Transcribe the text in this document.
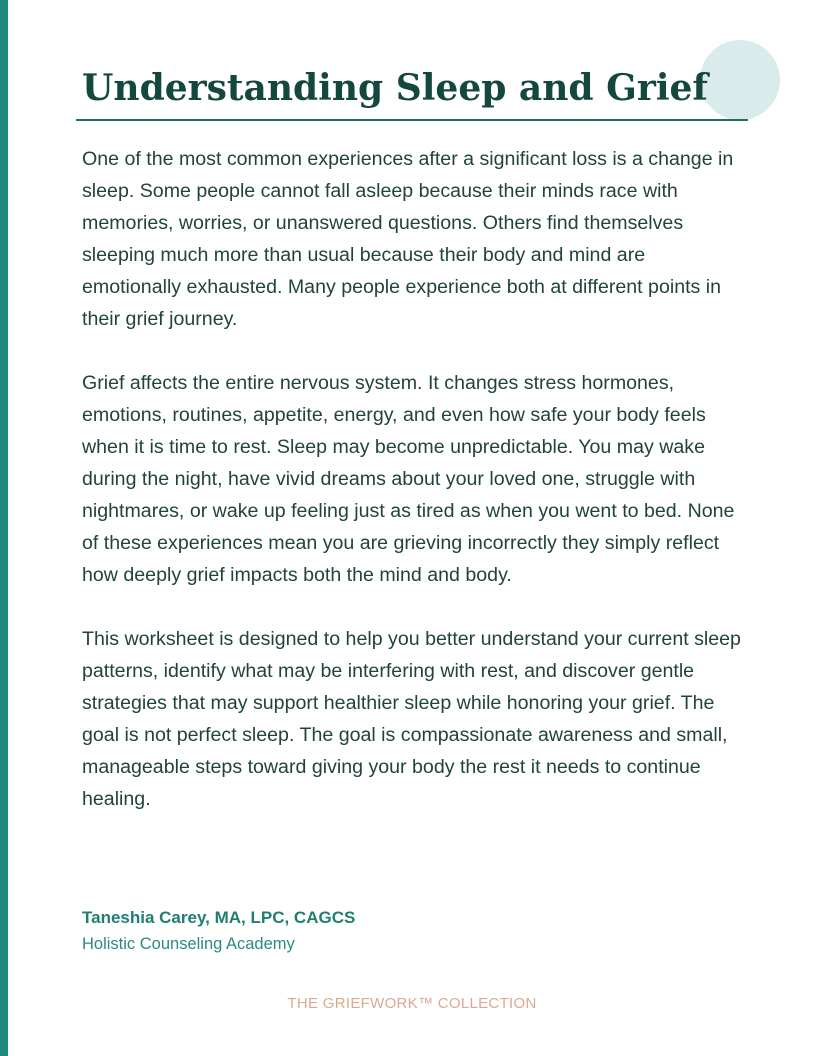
Understanding Sleep and Grief

One of the most common experiences after a significant loss is a change in sleep. Some people cannot fall asleep because their minds race with memories, worries, or unanswered questions. Others find themselves sleeping much more than usual because their body and mind are emotionally exhausted. Many people experience both at different points in their grief journey.

Grief affects the entire nervous system. It changes stress hormones, emotions, routines, appetite, energy, and even how safe your body feels when it is time to rest. Sleep may become unpredictable. You may wake during the night, have vivid dreams about your loved one, struggle with nightmares, or wake up feeling just as tired as when you went to bed. None of these experiences mean you are grieving incorrectly they simply reflect how deeply grief impacts both the mind and body.

This worksheet is designed to help you better understand your current sleep patterns, identify what may be interfering with rest, and discover gentle strategies that may support healthier sleep while honoring your grief. The goal is not perfect sleep. The goal is compassionate awareness and small, manageable steps toward giving your body the rest it needs to continue healing.

Taneshia Carey, MA, LPC, CAGCS

Holistic Counseling Academy

THE GRIEFWORK™ COLLECTION
